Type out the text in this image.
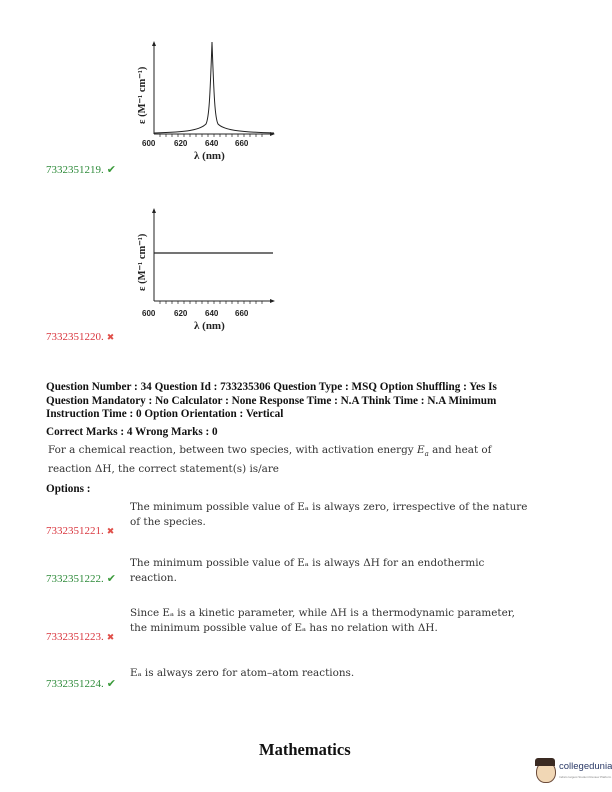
600 620 640 660
λ (nm)
ε (M⁻¹ cm⁻¹)
7332351219. ✔
600 620 640 660
λ (nm)
ε (M⁻¹ cm⁻¹)
7332351220. ✖
Question Number : 34 Question Id : 733235306 Question Type : MSQ Option Shuffling : Yes Is
Question Mandatory : No Calculator : None Response Time : N.A Think Time : N.A Minimum
Instruction Time : 0 Option Orientation : Vertical
Correct Marks : 4 Wrong Marks : 0
For a chemical reaction, between two species, with activation energy $E_a$ and heat of
reaction ΔH, the correct statement(s) is/are
Options :
The minimum possible value of Eₐ is always zero, irrespective of the nature
of the species.
7332351221. ✖
The minimum possible value of Eₐ is always ΔH for an endothermic
reaction.
7332351222. ✔
Since Eₐ is a kinetic parameter, while ΔH is a thermodynamic parameter,
the minimum possible value of Eₐ has no relation with ΔH.
7332351223. ✖
Eₐ is always zero for atom–atom reactions.
7332351224. ✔
Mathematics
collegedunia
India's largest Student Review Platform
